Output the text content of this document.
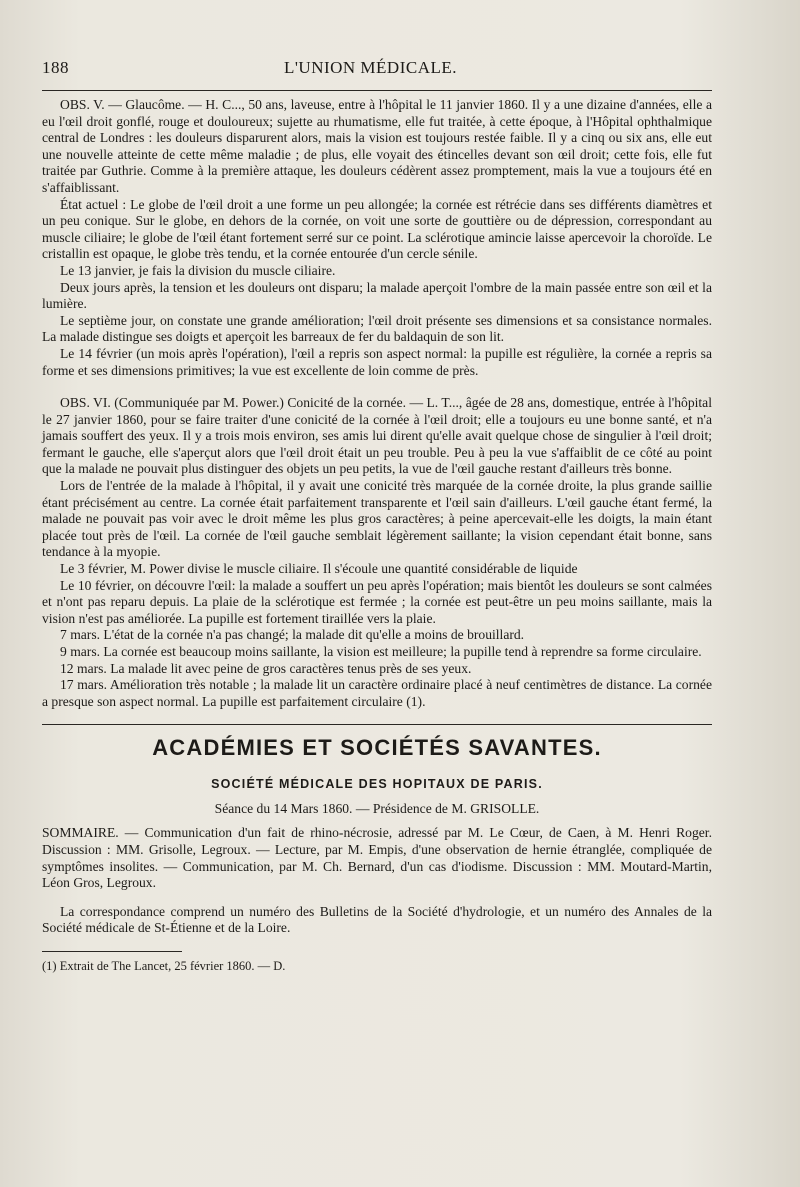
188	L'UNION MÉDICALE.

OBS. V. — Glaucôme. — H. C..., 50 ans, laveuse, entre à l'hôpital le 11 janvier 1860. Il y a une dizaine d'années, elle a eu l'œil droit gonflé, rouge et douloureux; sujette au rhumatisme, elle fut traitée, à cette époque, à l'Hôpital ophthalmique central de Londres : les douleurs disparurent alors, mais la vision est toujours restée faible. Il y a cinq ou six ans, elle eut une nouvelle atteinte de cette même maladie ; de plus, elle voyait des étincelles devant son œil droit; cette fois, elle fut traitée par Guthrie. Comme à la première attaque, les douleurs cédèrent assez promptement, mais la vue a toujours été en s'affaiblissant.

État actuel : Le globe de l'œil droit a une forme un peu allongée; la cornée est rétrécie dans ses différents diamètres et un peu conique. Sur le globe, en dehors de la cornée, on voit une sorte de gouttière ou de dépression, correspondant au muscle ciliaire; le globe de l'œil étant fortement serré sur ce point. La sclérotique amincie laisse apercevoir la choroïde. Le cristallin est opaque, le globe très tendu, et la cornée entourée d'un cercle sénile.

Le 13 janvier, je fais la division du muscle ciliaire.

Deux jours après, la tension et les douleurs ont disparu; la malade aperçoit l'ombre de la main passée entre son œil et la lumière.

Le septième jour, on constate une grande amélioration; l'œil droit présente ses dimensions et sa consistance normales. La malade distingue ses doigts et aperçoit les barreaux de fer du baldaquin de son lit.

Le 14 février (un mois après l'opération), l'œil a repris son aspect normal: la pupille est régulière, la cornée a repris sa forme et ses dimensions primitives; la vue est excellente de loin comme de près.

OBS. VI. (Communiquée par M. Power.) Conicité de la cornée. — L. T..., âgée de 28 ans, domestique, entrée à l'hôpital le 27 janvier 1860, pour se faire traiter d'une conicité de la cornée à l'œil droit; elle a toujours eu une bonne santé, et n'a jamais souffert des yeux. Il y a trois mois environ, ses amis lui dirent qu'elle avait quelque chose de singulier à l'œil droit; fermant le gauche, elle s'aperçut alors que l'œil droit était un peu trouble. Peu à peu la vue s'affaiblit de ce côté au point que la malade ne pouvait plus distinguer des objets un peu petits, la vue de l'œil gauche restant d'ailleurs très bonne.

Lors de l'entrée de la malade à l'hôpital, il y avait une conicité très marquée de la cornée droite, la plus grande saillie étant précisément au centre. La cornée était parfaitement transparente et l'œil sain d'ailleurs. L'œil gauche étant fermé, la malade ne pouvait pas voir avec le droit même les plus gros caractères; à peine apercevait-elle les doigts, la main étant placée tout près de l'œil. La cornée de l'œil gauche semblait légèrement saillante; la vision cependant était bonne, sans tendance à la myopie.

Le 3 février, M. Power divise le muscle ciliaire. Il s'écoule une quantité considérable de liquide

Le 10 février, on découvre l'œil: la malade a souffert un peu après l'opération; mais bientôt les douleurs se sont calmées et n'ont pas reparu depuis. La plaie de la sclérotique est fermée ; la cornée est peut-être un peu moins saillante, mais la vision n'est pas améliorée. La pupille est fortement tiraillée vers la plaie.

7 mars. L'état de la cornée n'a pas changé; la malade dit qu'elle a moins de brouillard.

9 mars. La cornée est beaucoup moins saillante, la vision est meilleure; la pupille tend à reprendre sa forme circulaire.

12 mars. La malade lit avec peine de gros caractères tenus près de ses yeux.

17 mars. Amélioration très notable ; la malade lit un caractère ordinaire placé à neuf centimètres de distance. La cornée a presque son aspect normal. La pupille est parfaitement circulaire (1).

ACADÉMIES ET SOCIÉTÉS SAVANTES.
SOCIÉTÉ MÉDICALE DES HOPITAUX DE PARIS.
Séance du 14 Mars 1860. — Présidence de M. GRISOLLE.

SOMMAIRE. — Communication d'un fait de rhino-nécrosie, adressé par M. Le Cœur, de Caen, à M. Henri Roger. Discussion : MM. Grisolle, Legroux. — Lecture, par M. Empis, d'une observation de hernie étranglée, compliquée de symptômes insolites. — Communication, par M. Ch. Bernard, d'un cas d'iodisme. Discussion : MM. Moutard-Martin, Léon Gros, Legroux.

La correspondance comprend un numéro des Bulletins de la Société d'hydrologie, et un numéro des Annales de la Société médicale de St-Étienne et de la Loire.

(1) Extrait de The Lancet, 25 février 1860. — D.
